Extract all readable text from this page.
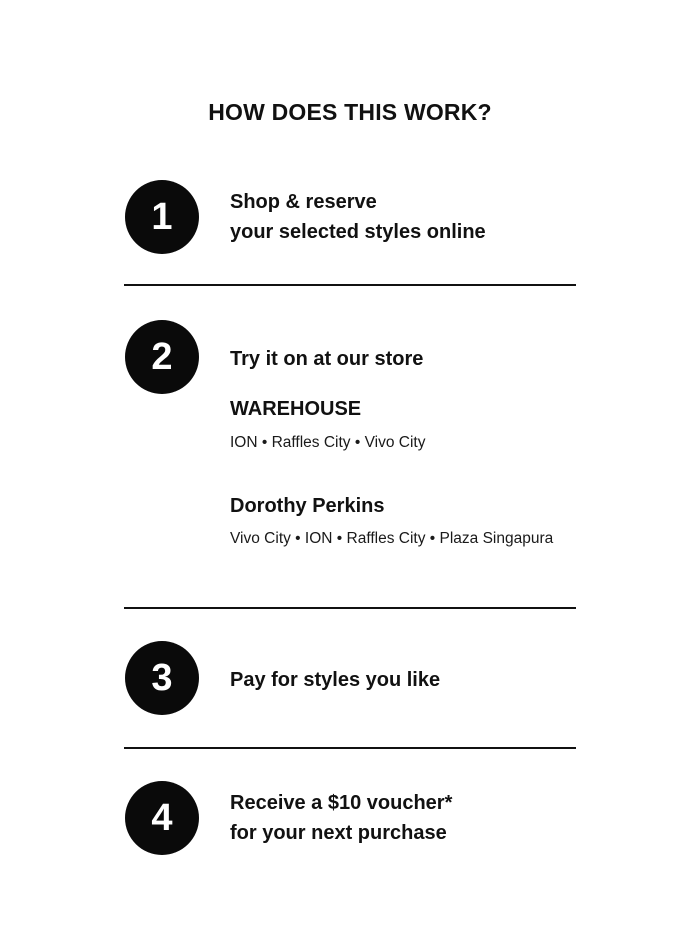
HOW DOES THIS WORK?
1	Shop & reserve
your selected styles online
2	Try it on at our store
WAREHOUSE
ION • Raffles City • Vivo City
Dorothy Perkins
Vivo City • ION • Raffles City • Plaza Singapura
3	Pay for styles you like
4	Receive a $10 voucher*
for your next purchase
